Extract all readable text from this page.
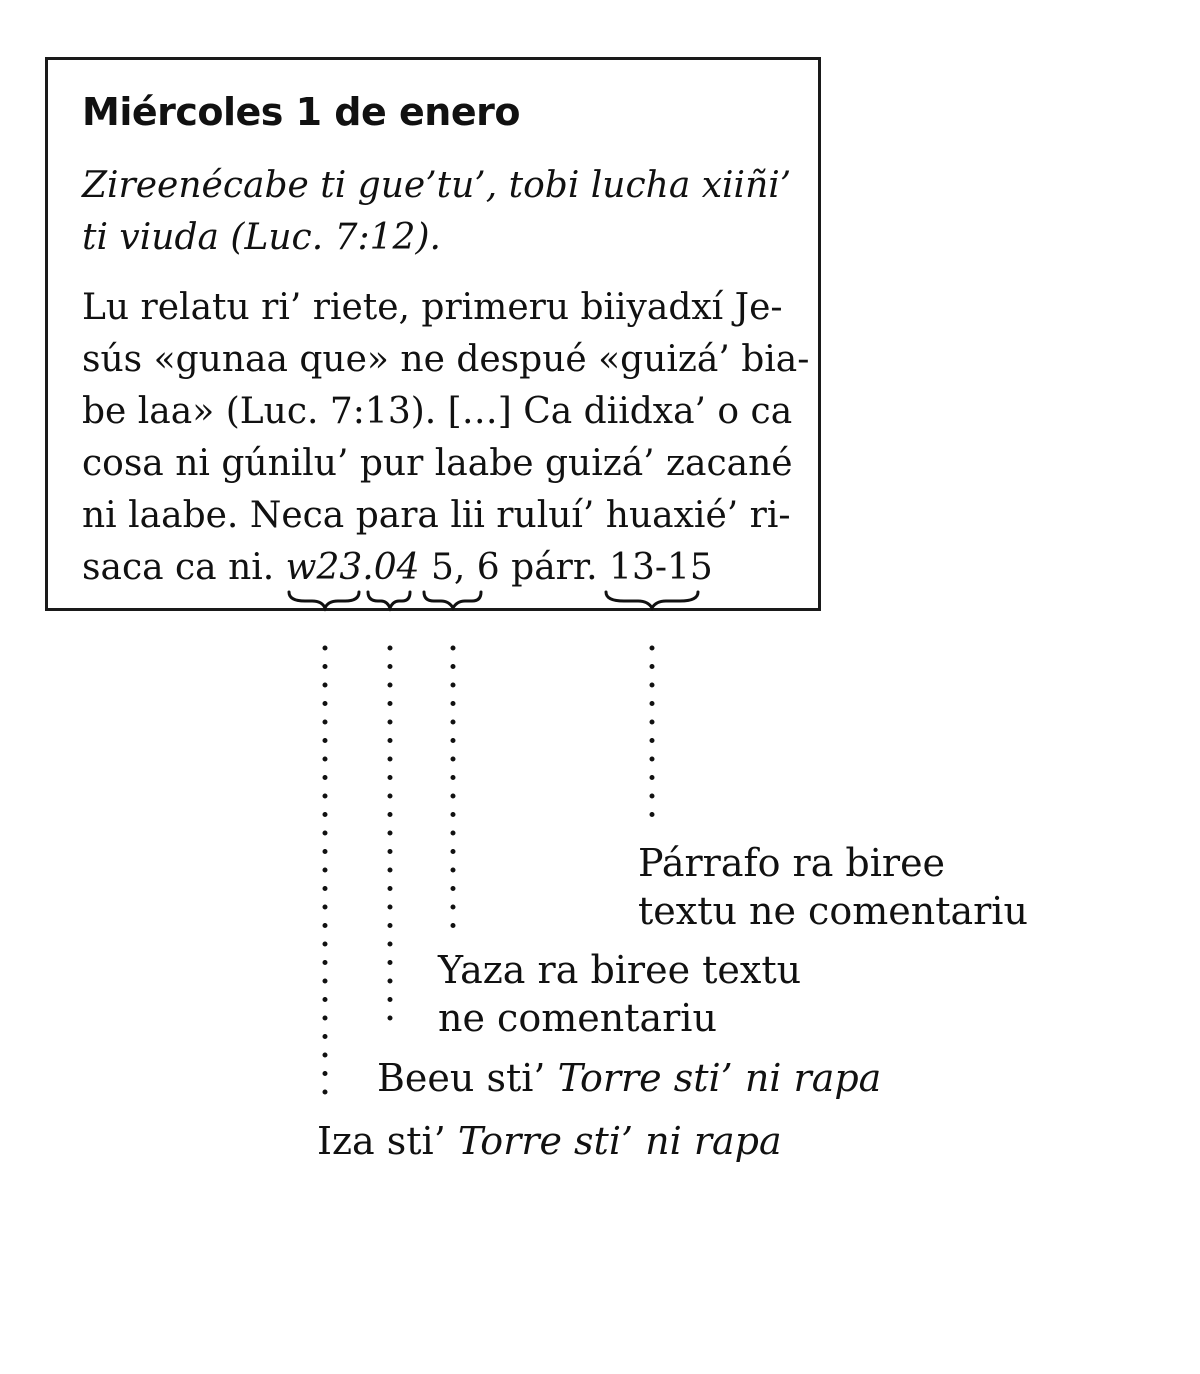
Miércoles 1 de enero

Zireenécabe ti gue’tu’, tobi lucha xiiñi’
ti viuda (Luc. 7:12).

Lu relatu ri’ riete, primeru biiyadxí Je-
sús «gunaa que» ne despué «guizá’ bia-
be laa» (Luc. 7:13). […] Ca diidxa’ o ca
cosa ni gúnilu’ pur laabe guizá’ zacané
ni laabe. Neca para lii ruluí’ huaxié’ ri-
saca ca ni. w23.04 5, 6 párr. 13-15

Párrafo ra biree
textu ne comentariu

Yaza ra biree textu
ne comentariu

Beeu sti’ Torre sti’ ni rapa

Iza sti’ Torre sti’ ni rapa
